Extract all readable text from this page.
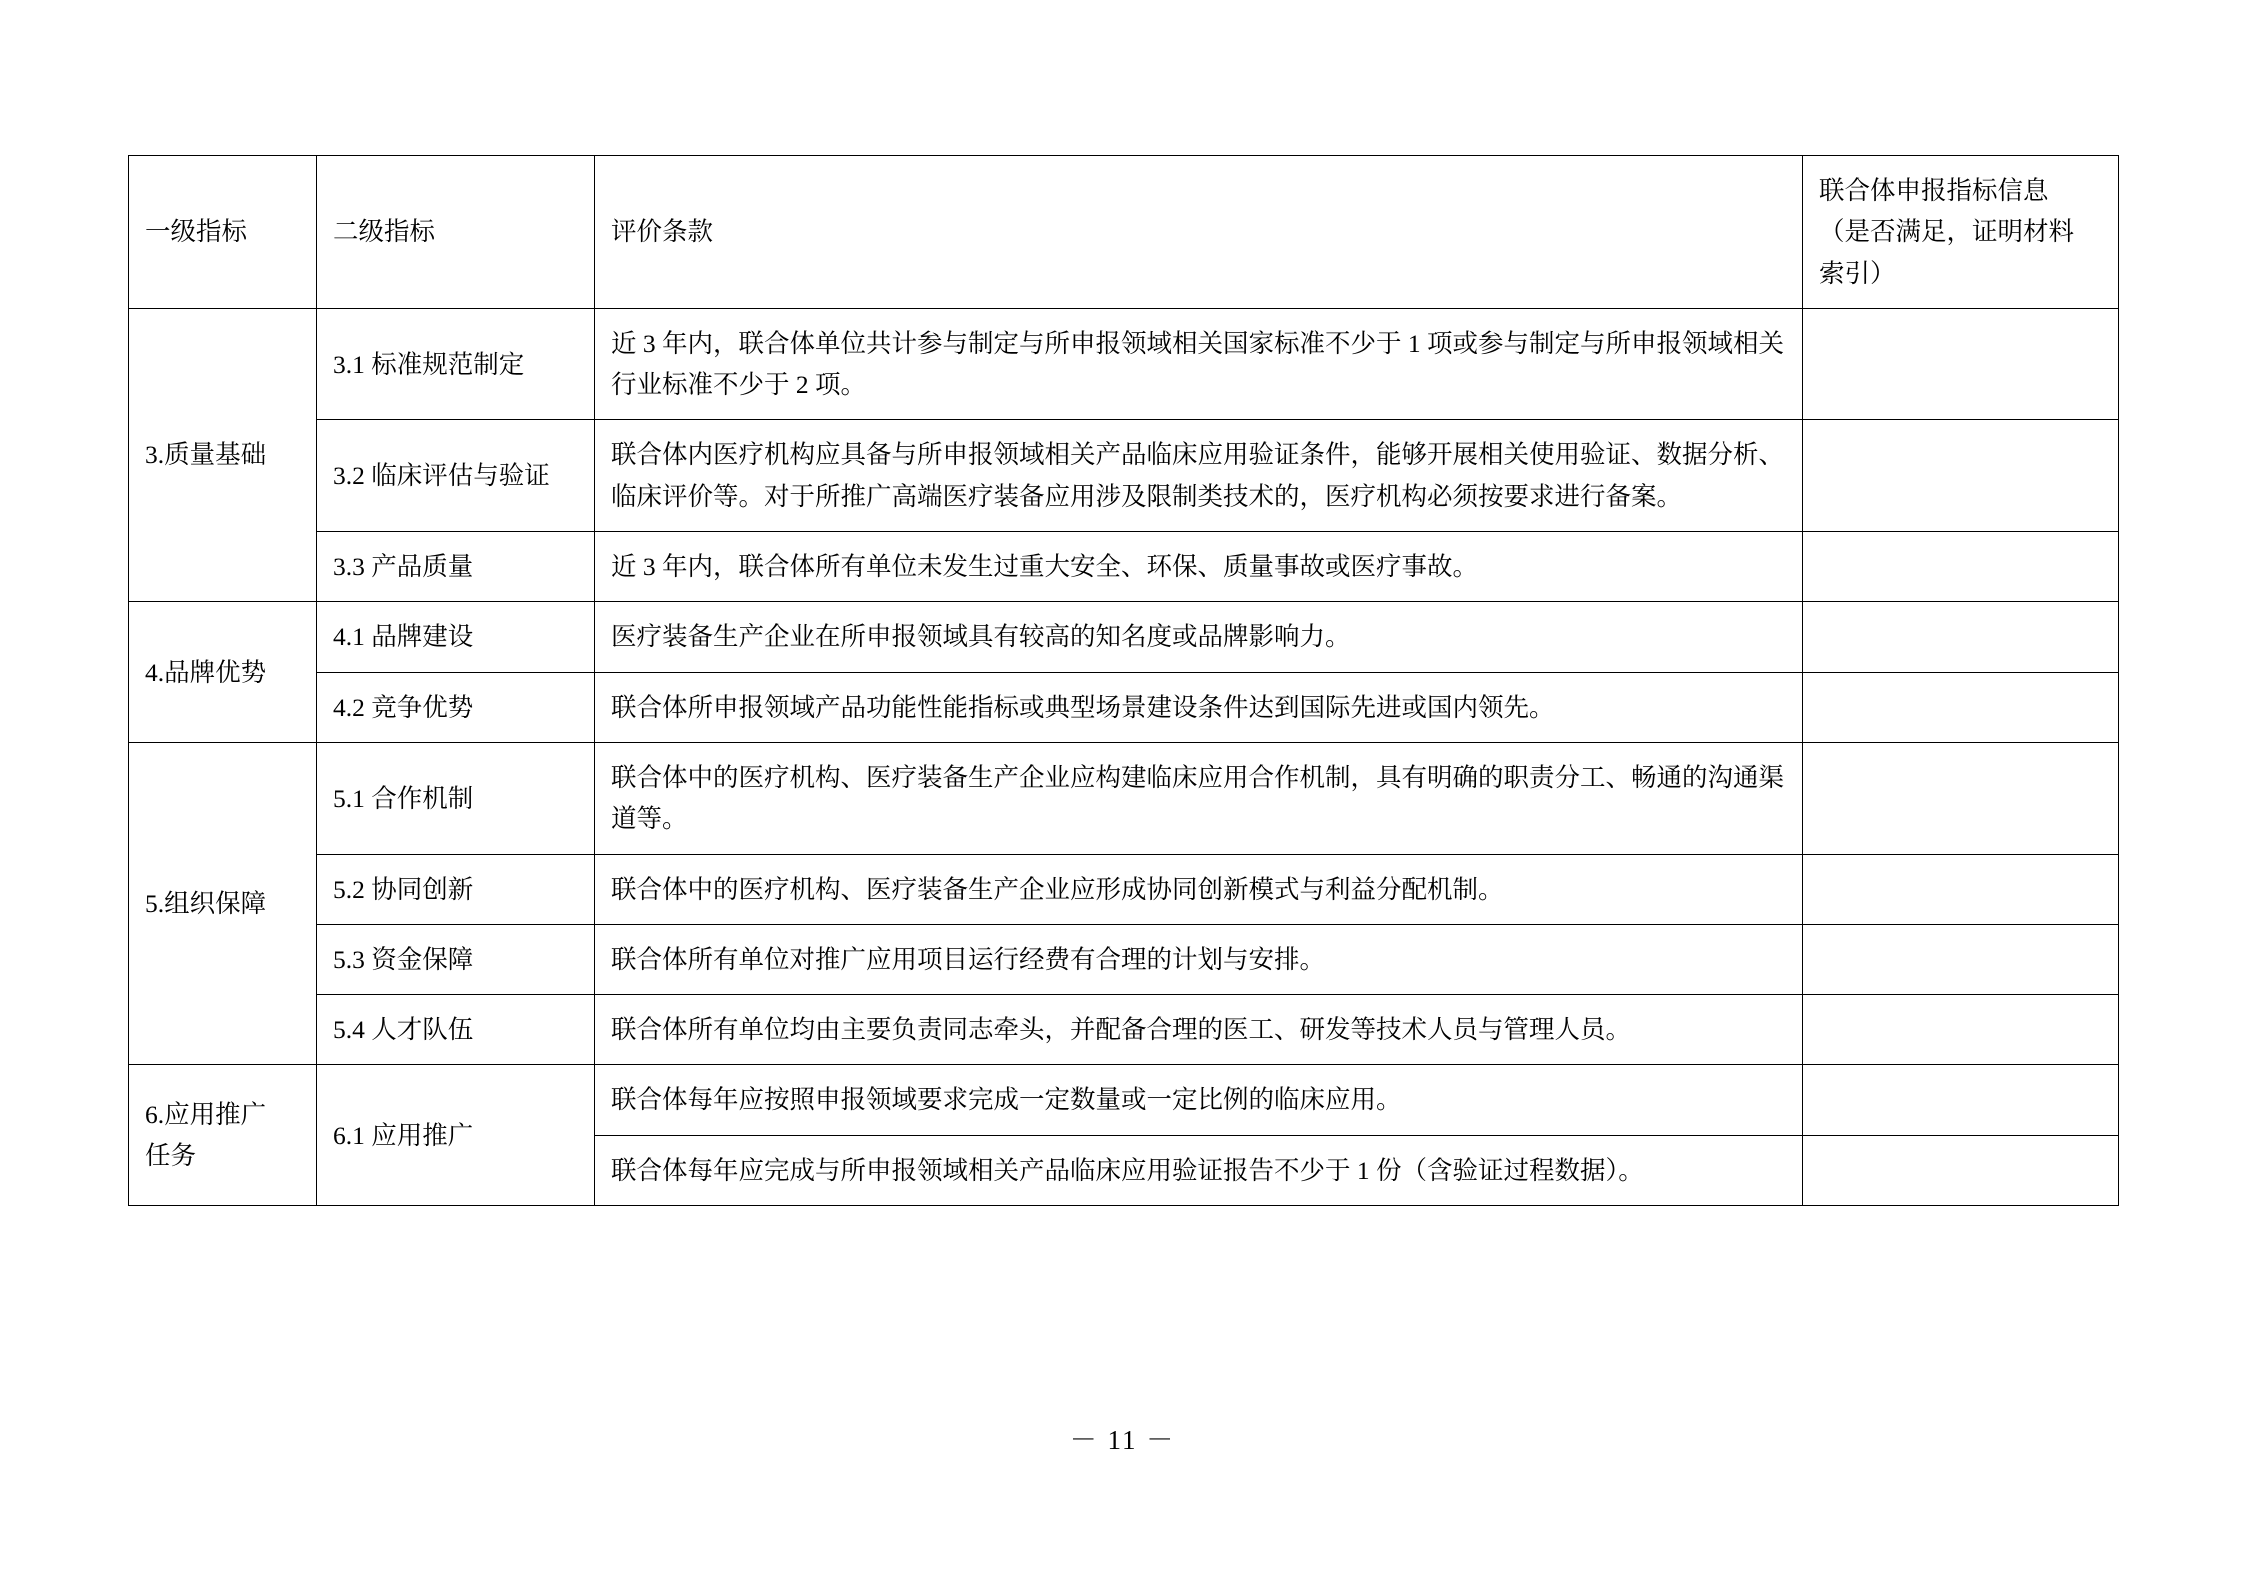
一级指标	二级指标	评价条款	联合体申报指标信息
（是否满足，证明材料
索引）

3.质量基础	3.1 标准规范制定	近 3 年内，联合体单位共计参与制定与所申报领域相关国家标准不少于 1 项或参与制定与所申报领域相关行业标准不少于 2 项。	
	3.2 临床评估与验证	联合体内医疗机构应具备与所申报领域相关产品临床应用验证条件，能够开展相关使用验证、数据分析、临床评价等。对于所推广高端医疗装备应用涉及限制类技术的，医疗机构必须按要求进行备案。	
	3.3 产品质量	近 3 年内，联合体所有单位未发生过重大安全、环保、质量事故或医疗事故。	
4.品牌优势	4.1 品牌建设	医疗装备生产企业在所申报领域具有较高的知名度或品牌影响力。	
	4.2 竞争优势	联合体所申报领域产品功能性能指标或典型场景建设条件达到国际先进或国内领先。	
5.组织保障	5.1 合作机制	联合体中的医疗机构、医疗装备生产企业应构建临床应用合作机制，具有明确的职责分工、畅通的沟通渠道等。	
	5.2 协同创新	联合体中的医疗机构、医疗装备生产企业应形成协同创新模式与利益分配机制。	
	5.3 资金保障	联合体所有单位对推广应用项目运行经费有合理的计划与安排。	
	5.4 人才队伍	联合体所有单位均由主要负责同志牵头，并配备合理的医工、研发等技术人员与管理人员。	

6.应用推广
任务	6.1 应用推广	联合体每年应按照申报领域要求完成一定数量或一定比例的临床应用。	
		联合体每年应完成与所申报领域相关产品临床应用验证报告不少于 1 份（含验证过程数据）。	
－ 11 －
